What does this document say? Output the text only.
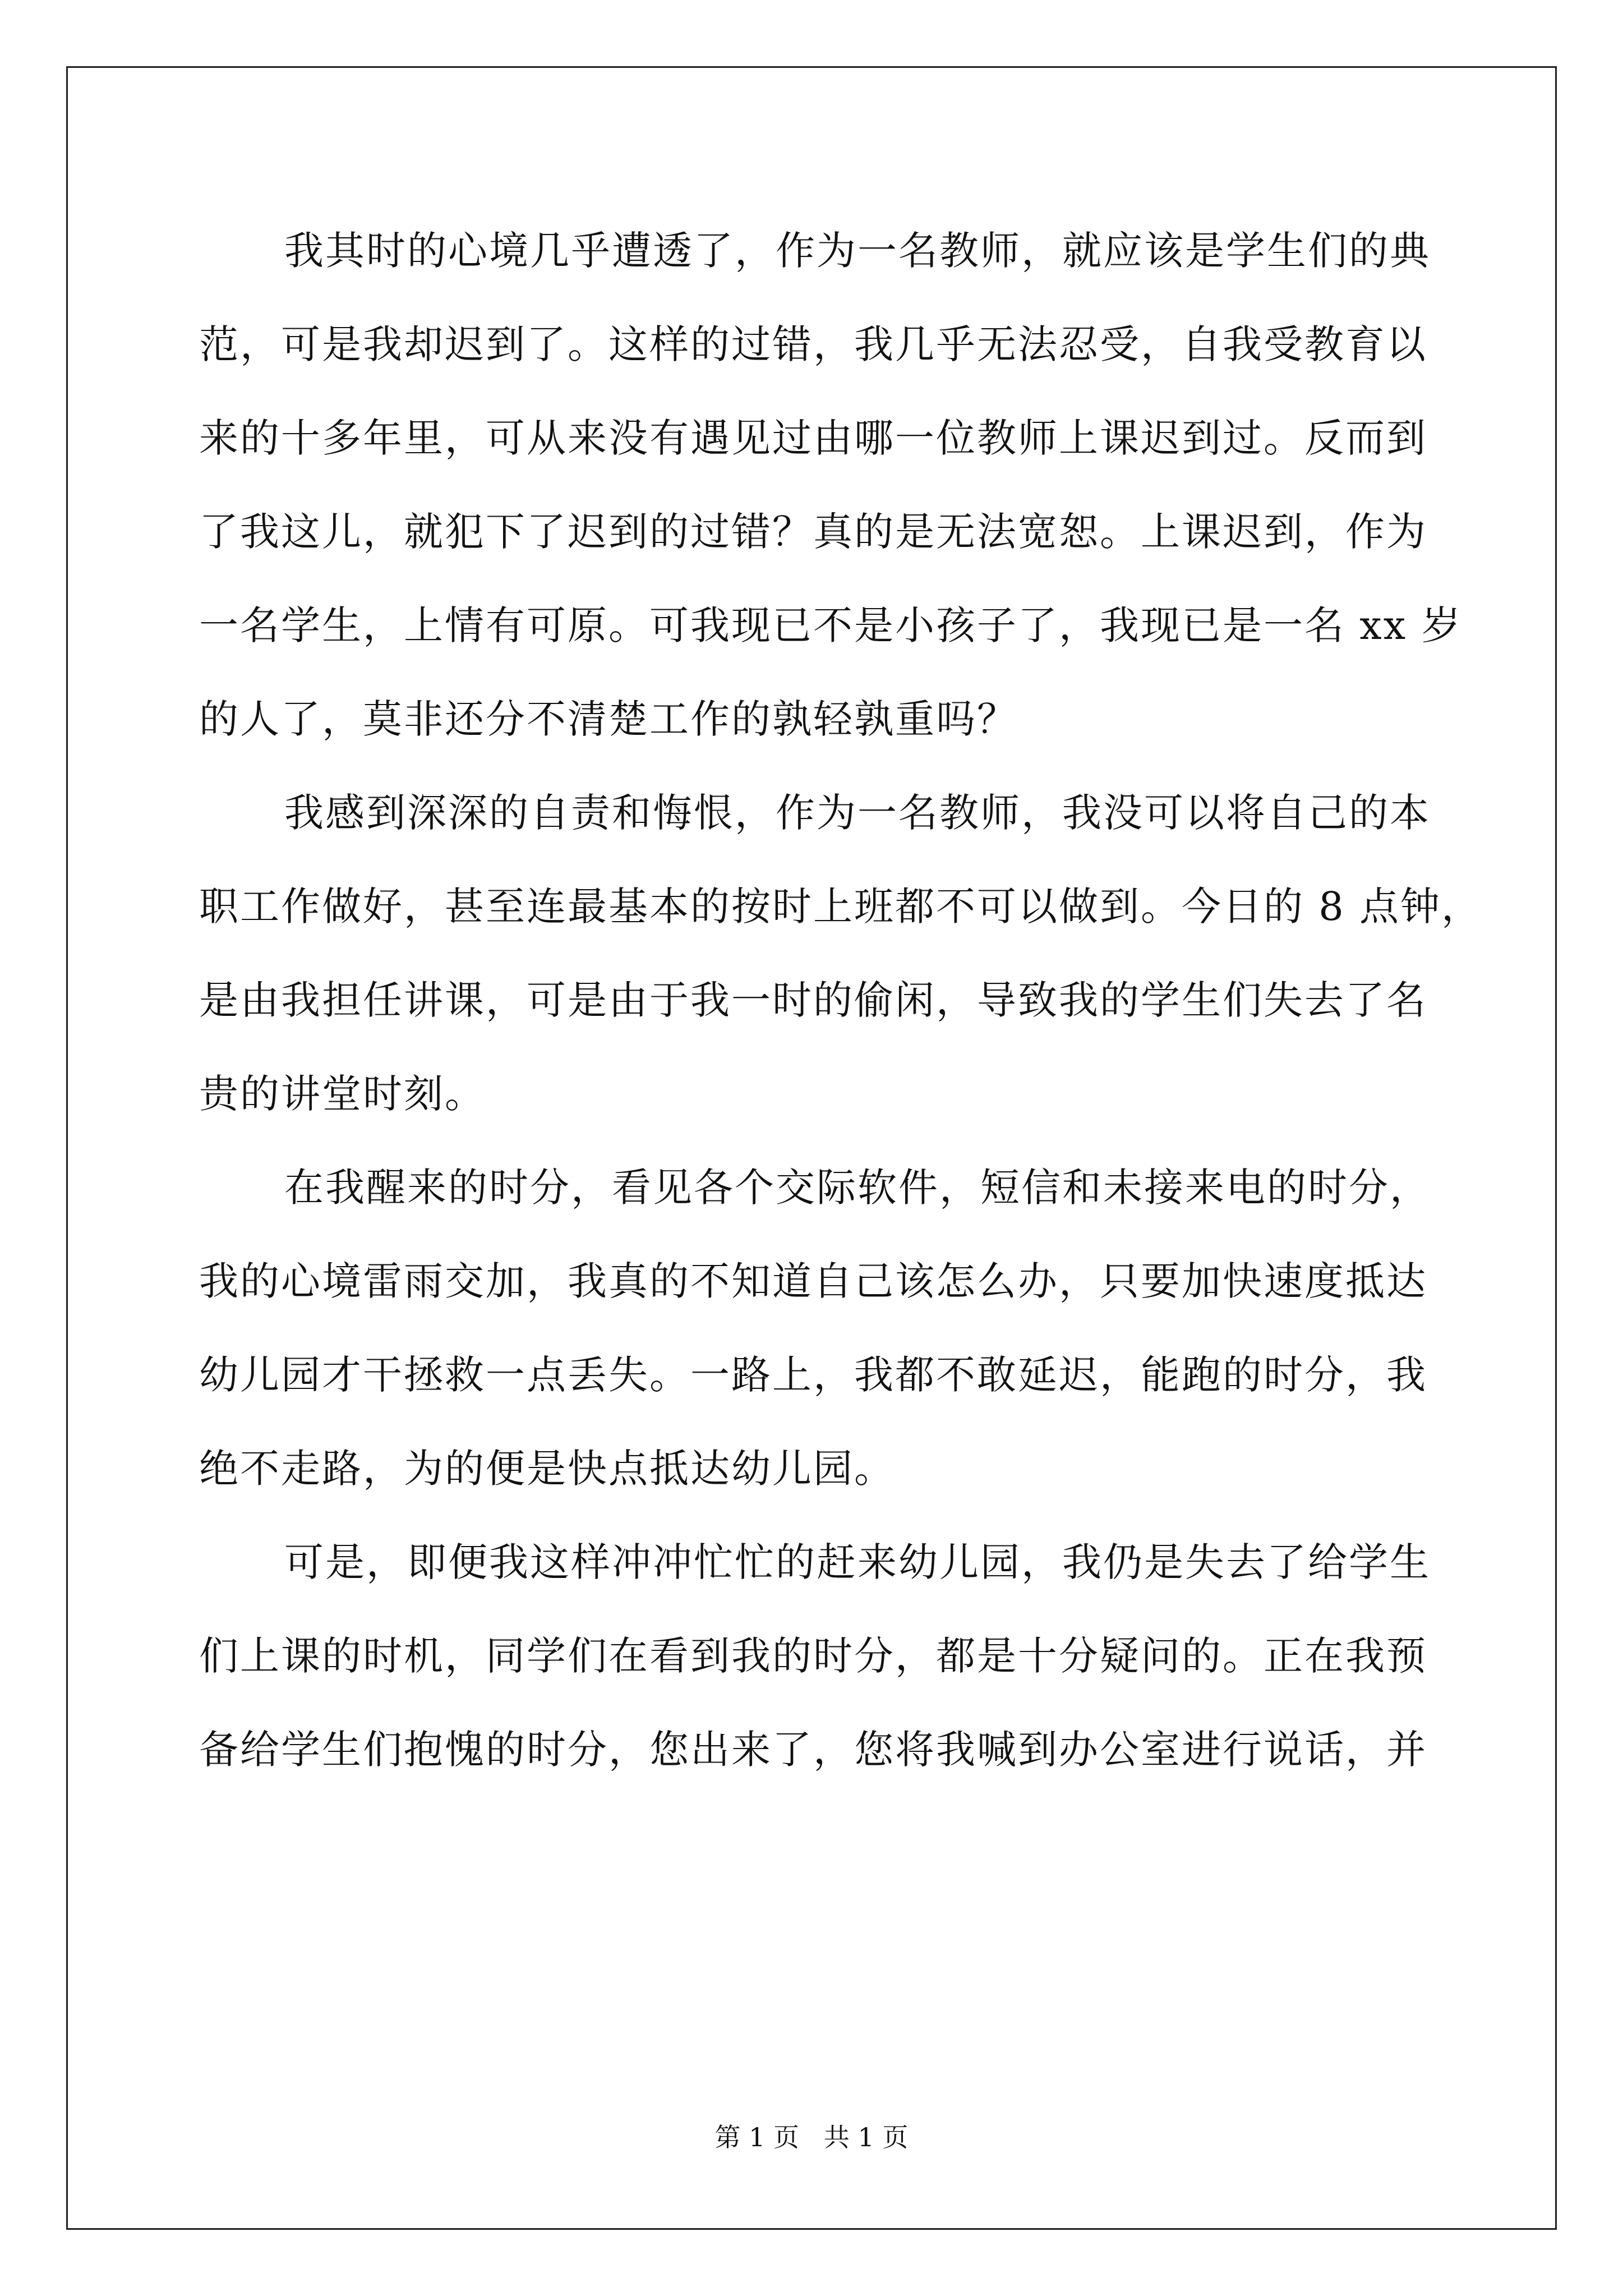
我其时的心境几乎遭透了，作为一名教师，就应该是学生们的典
范，可是我却迟到了。这样的过错，我几乎无法忍受，自我受教育以
来的十多年里，可从来没有遇见过由哪一位教师上课迟到过。反而到
了我这儿，就犯下了迟到的过错？真的是无法宽恕。上课迟到，作为
一名学生，上情有可原。可我现已不是小孩子了，我现已是一名 xx 岁
的人了，莫非还分不清楚工作的孰轻孰重吗？
我感到深深的自责和悔恨，作为一名教师，我没可以将自己的本
职工作做好，甚至连最基本的按时上班都不可以做到。今日的 8 点钟，
是由我担任讲课，可是由于我一时的偷闲，导致我的学生们失去了名
贵的讲堂时刻。
在我醒来的时分，看见各个交际软件，短信和未接来电的时分，
我的心境雷雨交加，我真的不知道自己该怎么办，只要加快速度抵达
幼儿园才干拯救一点丢失。一路上，我都不敢延迟，能跑的时分，我
绝不走路，为的便是快点抵达幼儿园。
可是，即便我这样冲冲忙忙的赶来幼儿园，我仍是失去了给学生
们上课的时机，同学们在看到我的时分，都是十分疑问的。正在我预
备给学生们抱愧的时分，您出来了，您将我喊到办公室进行说话，并
第 1 页   共 1 页
